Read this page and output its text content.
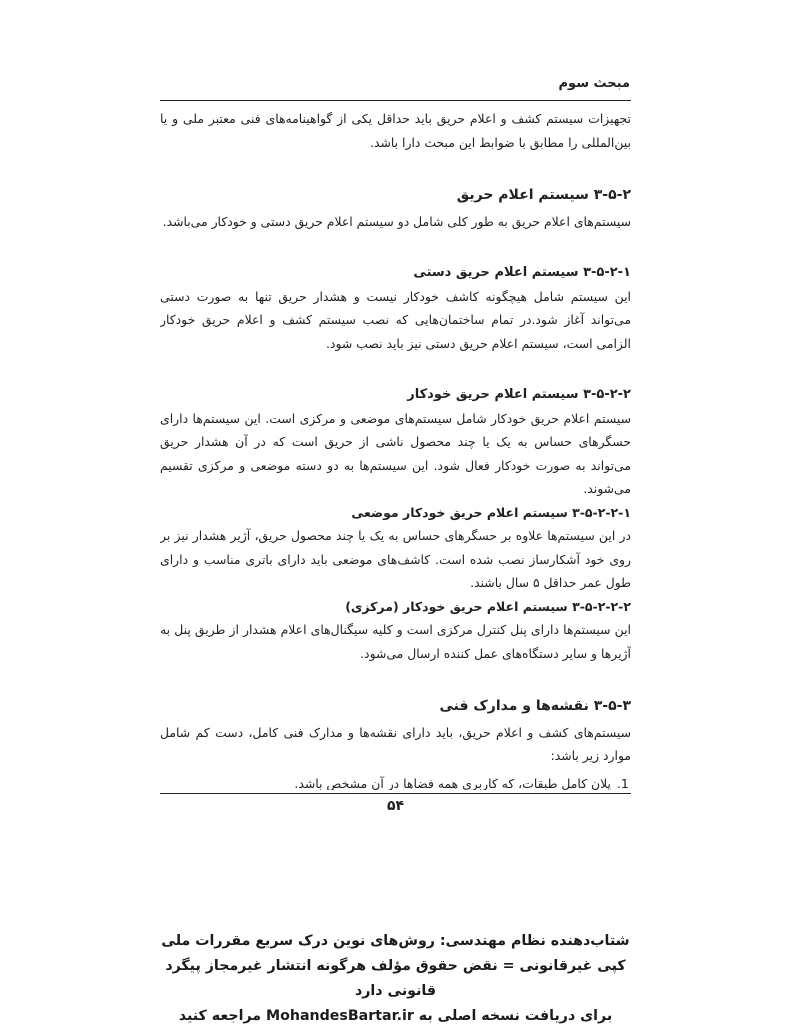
مبحث سوم

تجهیزات سیستم کشف و اعلام حریق باید حداقل یکی از گواهینامه‌های فنی معتبر ملی و یا بین‌المللی را مطابق با ضوابط این مبحث دارا باشد.

۳-۵-۲ سیستم اعلام حریق

سیستم‌های اعلام حریق به طور کلی شامل دو سیستم اعلام حریق دستی و خودکار می‌باشد.

۳-۵-۲-۱ سیستم اعلام حریق دستی

این سیستم شامل هیچگونه کاشف خودکار نیست و هشدار حریق تنها به صورت دستی می‌تواند آغاز شود.در تمام ساختمان‌هایی که نصب سیستم کشف و اعلام حریق خودکار الزامی است، سیستم اعلام حریق دستی نیز باید نصب شود.

۳-۵-۲-۲ سیستم اعلام حریق خودکار

سیستم اعلام حریق خودکار شامل سیستم‌های موضعی و مرکزی است. این سیستم‌ها دارای حسگرهای حساس به یک یا چند محصول ناشی از حریق است که در آن هشدار حریق می‌تواند به صورت خودکار فعال شود. این سیستم‌ها به دو دسته موضعی و مرکزی تقسیم می‌شوند.

۳-۵-۲-۲-۱ سیستم اعلام حریق خودکار موضعی

در این سیستم‌ها علاوه بر حسگرهای حساس به یک یا چند محصول حریق، آژیر هشدار نیز بر روی خود آشکارساز نصب شده است. کاشف‌های موضعی باید دارای باتری مناسب و دارای طول عمر حداقل ۵ سال باشند.

۳-۵-۲-۲-۲ سیستم اعلام حریق خودکار (مرکزی)

این سیستم‌ها دارای پنل کنترل مرکزی است و کلیه سیگنال‌های اعلام هشدار از طریق پنل به آژیرها و سایر دستگاه‌های عمل کننده ارسال می‌شود.

۳-۵-۳ نقشه‌ها و مدارک فنی

سیستم‌های کشف و اعلام حریق، باید دارای نقشه‌ها و مدارک فنی کامل، دست کم شامل موارد زیر باشد:

1. پلان کامل طبقات، که کاربری همه فضاها در آن مشخص باشد.
۵۴

شتاب‌دهنده نظام مهندسی: روش‌های نوین درک سریع مقررات ملی

کپی غیرقانونی = نقض حقوق مؤلف هرگونه انتشار غیرمجاز پیگرد قانونی دارد

برای دریافت نسخه اصلی به MohandesBartar.ir مراجعه کنید
